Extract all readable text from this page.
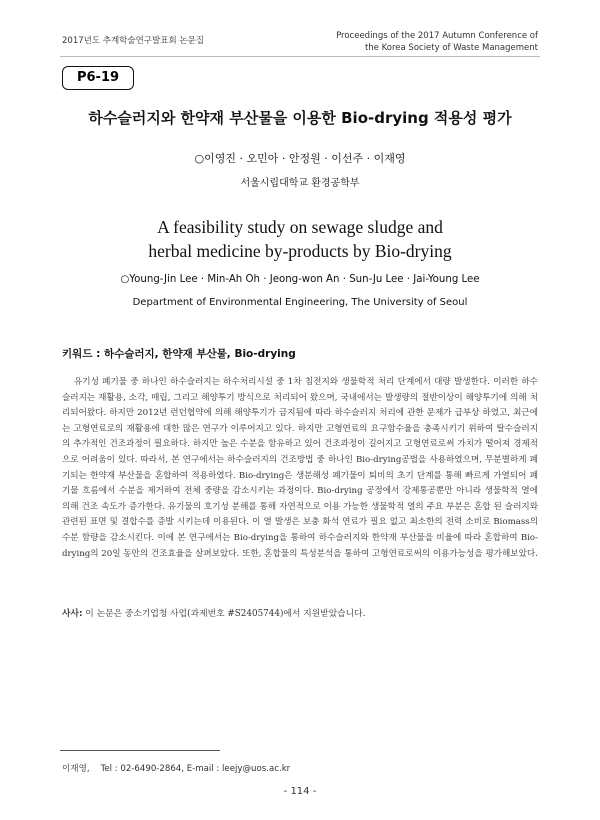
2017년도 추계학술연구발표회 논문집	Proceedings of the 2017 Autumn Conference of
the Korea Society of Waste Management
P6-19
하수슬러지와 한약재 부산물을 이용한 Bio-drying 적용성 평가
○이영진 · 오민아 · 안정원 · 이선주 · 이재영
서울시립대학교 환경공학부
A feasibility study on sewage sludge and
herbal medicine by-products by Bio-drying
○Young-Jin Lee · Min-Ah Oh · Jeong-won An · Sun-Ju Lee · Jai-Young Lee
Department of Environmental Engineering, The University of Seoul
키워드 : 하수슬러지, 한약재 부산물, Bio-drying

유기성 폐기물 중 하나인 하수슬러지는 하수처리시설 중 1차 침전지와 생물학적 처리 단계에서 대량 발생한다. 이러한 하수슬러지는 재활용, 소각, 매립, 그리고 해양투기 방식으로 처리되어 왔으며, 국내에서는 발생량의 절반이상이 해양투기에 의해 처리되어왔다. 하지만 2012년 런던협약에 의해 해양투기가 금지됨에 따라 하수슬러지 처리에 관한 문제가 급부상 하였고, 최근에는 고형연료로의 재활용에 대한 많은 연구가 이루어지고 있다. 하지만 고형연료의 요구함수율을 충족시키기 위하여 탈수슬러지의 추가적인 건조과정이 필요하다. 하지만 높은 수분을 함유하고 있어 건조과정이 길어지고 고형연료로써 가치가 떨어져 경제적으로 어려움이 있다. 따라서, 본 연구에서는 하수슬러지의 건조방법 중 하나인 Bio-drying공법을 사용하였으며, 무분별하게 폐기되는 한약재 부산물을 혼합하여 적용하였다. Bio-drying은 생분해성 폐기물이 퇴비의 초기 단계를 통해 빠르게 가열되어 폐기물 흐름에서 수분을 제거하여 전체 중량을 감소시키는 과정이다. Bio-drying 공정에서 강제통공뿐만 아니라 생물학적 열에 의해 건조 속도가 증가한다. 유기물의 호기성 분해를 통해 자연적으로 이용 가능한 생물학적 열의 주요 부분은 혼합 된 슬러지와 관련된 표면 및 결합수를 증발 시키는데 이용된다. 이 열 발생은 보충 화석 연료가 필요 없고 최소한의 전력 소비로 Biomass의 수분 함량을 감소시킨다. 이에 본 연구에서는 Bio-drying을 통하여 하수슬러지와 한약재 부산물을 비율에 따라 혼합하여 Bio-drying의 20일 동안의 건조효율을 살펴보았다. 또한, 혼합물의 특성분석을 통하여 고형연료로써의 이용가능성을 평가해보았다.

사사: 이 논문은 중소기업청 사업(과제번호 #S2405744)에서 지원받았습니다.
이재영,    Tel : 02-6490-2864, E-mail : leejy@uos.ac.kr
- 114 -
